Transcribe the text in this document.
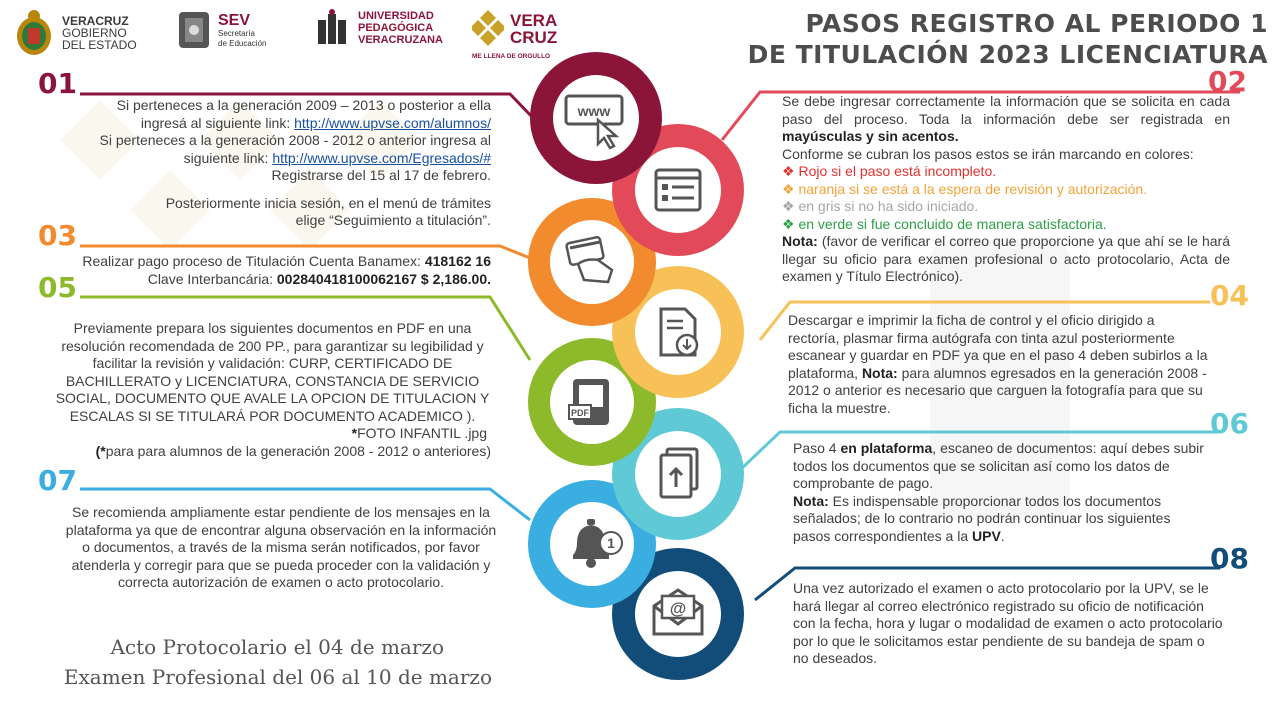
VERACRUZ
GOBIERNO
DEL ESTADO
SEV
Secretaría
de Educación
UNIVERSIDAD
PEDAGÓGICA
VERACRUZANA
VERA
CRUZ
ME LLENA DE ORGULLO
PASOS REGISTRO AL PERIODO 1
DE TITULACIÓN 2023 LICENCIATURA
www
PDF
1
@
01	02
03
05	04
06
07
08
Si perteneces a la generación 2009 – 2013 o posterior a ella
ingresá al siguiente link: http://www.upvse.com/alumnos/
Si perteneces a la generación 2008 - 2012 o anterior ingresa al
siguiente link: http://www.upvse.com/Egresados/#
Registrarse del 15 al 17 de febrero.
Posteriormente inicia sesión, en el menú de trámites
elige “Seguimiento a titulación”.
Se debe ingresar correctamente la información que se solicita en cada paso del proceso. Toda la información debe ser registrada en mayúsculas y sin acentos.
Conforme se cubran los pasos estos se irán marcando en colores:
❖ Rojo si el paso está incompleto.
❖ naranja si se está a la espera de revisión y autorización.
❖ en gris si no ha sido iniciado.
❖ en verde si fue concluido de manera satisfactoria.
Nota: (favor de verificar el correo que proporcione ya que ahí se le hará llegar su oficio para examen profesional o acto protocolario, Acta de examen y Título Electrónico).
Realizar pago proceso de Titulación Cuenta Banamex: 418162 16
Clave Interbancária: 002840418100062167 $ 2,186.00.
Descargar e imprimir la ficha de control y el oficio dirigido a rectoría, plasmar firma autógrafa con tinta azul posteriormente escanear y guardar en PDF ya que en el paso 4 deben subirlos a la plataforma, Nota: para alumnos egresados en la generación 2008 - 2012 o anterior es necesario que carguen la fotografía para que su ficha la muestre.
Previamente prepara los siguientes documentos en PDF en una resolución recomendada de 200 PP., para garantizar su legibilidad y facilitar la revisión y validación: CURP, CERTIFICADO DE BACHILLERATO y LICENCIATURA, CONSTANCIA DE SERVICIO SOCIAL, DOCUMENTO QUE AVALE LA OPCION DE TITULACION Y ESCALAS SI SE TITULARÁ POR DOCUMENTO ACADEMICO ).
*FOTO INFANTIL .jpg
(*para para alumnos de la generación 2008 - 2012 o anteriores)	Paso 4 en plataforma, escaneo de documentos: aquí debes subir todos los documentos que se solicitan así como los datos de comprobante de pago.
Nota: Es indispensable proporcionar todos los documentos señalados; de lo contrario no podrán continuar los siguientes pasos correspondientes a la UPV.
Se recomienda ampliamente estar pendiente de los mensajes en la plataforma ya que de encontrar alguna observación en la información o documentos, a través de la misma serán notificados, por favor atenderla y corregir para que se pueda proceder con la validación y correcta autorización de examen o acto protocolario.	Una vez autorizado el examen o acto protocolario por la UPV, se le hará llegar al correo electrónico registrado su oficio de notificación con la fecha, hora y lugar o modalidad de examen o acto protocolario por lo que le solicitamos estar pendiente de su bandeja de spam o no deseados.
Acto Protocolario el 04 de marzo
Examen Profesional del 06 al 10 de marzo
